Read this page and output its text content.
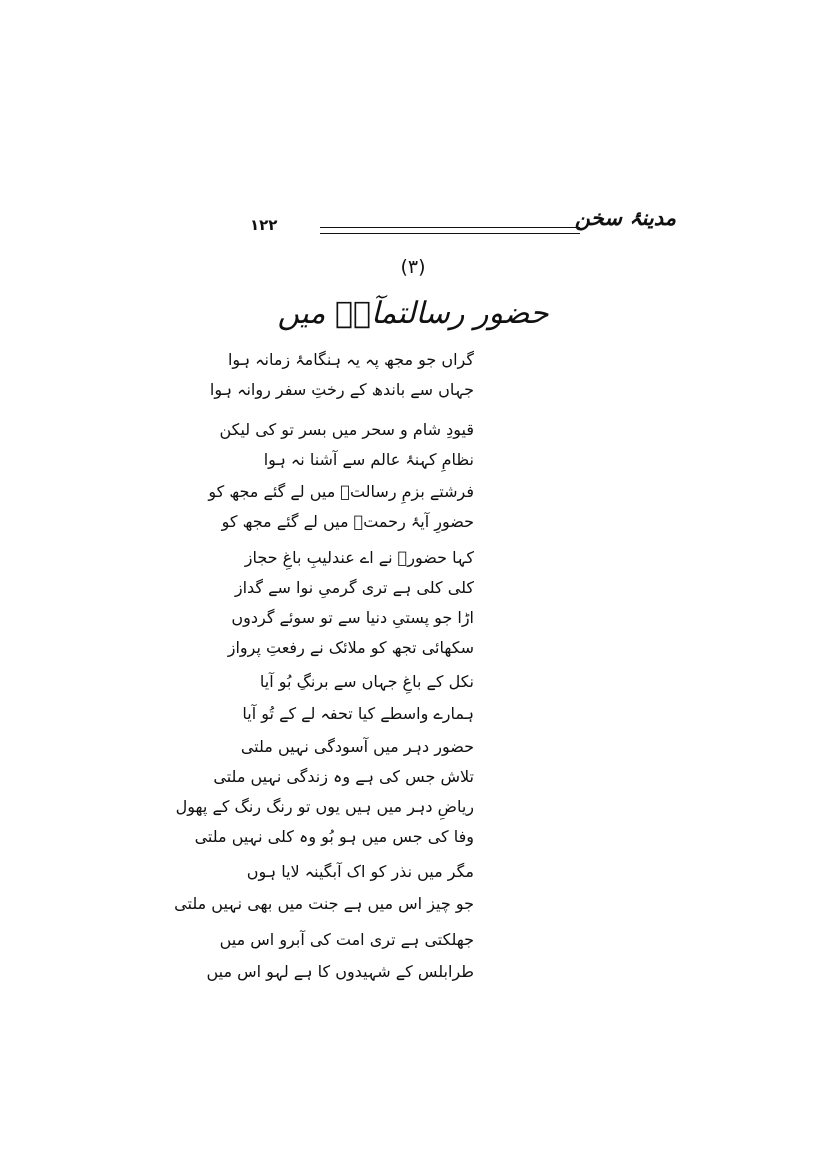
۱۲۲	مدینۂ سخن
(۳)
حضور رسالتمآبؐ میں
گراں جو مجھ پہ یہ ہنگامۂ زمانہ ہوا
جہاں سے باندھ کے رختِ سفر روانہ ہوا
قیودِ شام و سحر میں بسر تو کی لیکن
نظامِ کہنۂ عالم سے آشنا نہ ہوا
فرشتے بزمِ رسالتؐ میں لے گئے مجھ کو
حضورِ آیۂ رحمتؐ میں لے گئے مجھ کو
کہا حضورؐ نے اے عندلیبِ باغِ حجاز
کلی کلی ہے تری گرمیِ نوا سے گداز
اڑا جو پستیِ دنیا سے تو سوئے گردوں
سکھائی تجھ کو ملائک نے رفعتِ پرواز
نکل کے باغِ جہاں سے برنگِ بُو آیا
ہمارے واسطے کیا تحفہ لے کے تُو آیا
حضور دہر میں آسودگی نہیں ملتی
تلاش جس کی ہے وہ زندگی نہیں ملتی
ریاضِ دہر میں ہیں یوں تو رنگ رنگ کے پھول
وفا کی جس میں ہو بُو وہ کلی نہیں ملتی
مگر میں نذر کو اک آبگینہ لایا ہوں
جو چیز اس میں ہے جنت میں بھی نہیں ملتی
جھلکتی ہے تری امت کی آبرو اس میں
طرابلس کے شہیدوں کا ہے لہو اس میں
